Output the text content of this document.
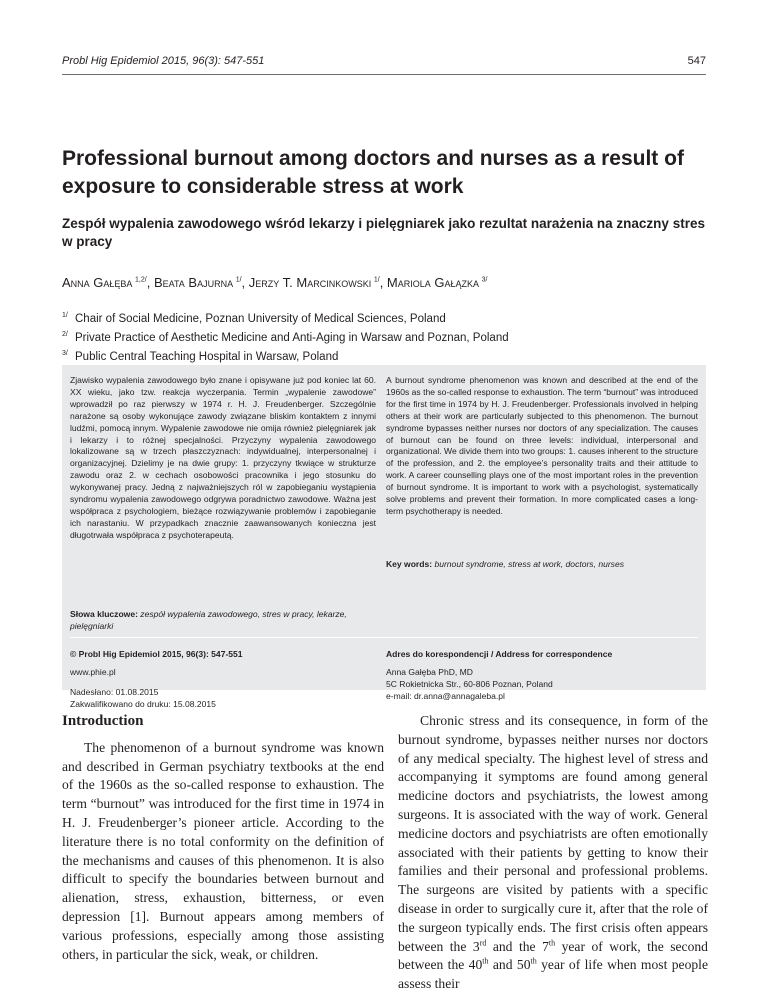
Probl Hig Epidemiol 2015, 96(3): 547-551	547
Professional burnout among doctors and nurses as a result of exposure to considerable stress at work
Zespół wypalenia zawodowego wśród lekarzy i pielęgniarek jako rezultat narażenia na znaczny stres w pracy
Anna Gałęba  $^{1,2/}$, Beata Bajurna  $^{1/}$, Jerzy T. Marcinkowski  $^{1/}$, Mariola Gałązka  $^{3/}$
$^{1/}$ Chair of Social Medicine, Poznan University of Medical Sciences, Poland
$^{2/}$ Private Practice of Aesthetic Medicine and Anti-Aging in Warsaw and Poznan, Poland
$^{3/}$ Public Central Teaching Hospital in Warsaw, Poland

Zjawisko wypalenia zawodowego było znane i opisywane już pod koniec lat 60. XX wieku, jako tzw. reakcja wyczerpania. Termin „wypalenie zawodowe” wprowadził po raz pierwszy w 1974 r. H. J. Freudenberger. Szczególnie narażone są osoby wykonujące zawody związane bliskim kontaktem z innymi ludźmi, pomocą innym. Wypalenie zawodowe nie omija również pielęgniarek jak i lekarzy i to różnej specjalności. Przyczyny wypalenia zawodowego lokalizowane są w trzech płaszczyznach: indywidualnej, interpersonalnej i organizacyjnej. Dzielimy je na dwie grupy: 1. przyczyny tkwiące w strukturze zawodu oraz 2. w cechach osobowości pracownika i jego stosunku do wykonywanej pracy. Jedną z najważniejszych ról w zapobieganiu wystąpienia syndromu wypalenia zawodowego odgrywa poradnictwo zawodowe. Ważna jest współpraca z psychologiem, bieżące rozwiązywanie problemów i zapobieganie ich narastaniu. W przypadkach znacznie zaawansowanych konieczna jest długotrwała współpraca z psychoterapeutą.

A burnout syndrome phenomenon was known and described at the end of the 1960s as the so-called response to exhaustion. The term “burnout” was introduced for the first time in 1974 by H. J. Freudenberger. Professionals involved in helping others at their work are particularly subjected to this phenomenon. The burnout syndrome bypasses neither nurses nor doctors of any specialization. The causes of burnout can be found on three levels: individual, interpersonal and organizational. We divide them into two groups: 1. causes inherent to the structure of the profession, and 2. the employee’s personality traits and their attitude to work. A career counselling plays one of the most important roles in the prevention of burnout syndrome. It is important to work with a psychologist, systematically solve problems and prevent their formation. In more complicated cases a long-term psychotherapy is needed.

Key words: burnout syndrome, stress at work, doctors, nurses
Słowa kluczowe: zespół wypalenia zawodowego, stres w pracy, lekarze, pielęgniarki
© Probl Hig Epidemiol 2015, 96(3): 547-551
www.phie.pl
Nadesłano: 01.08.2015
Zakwalifikowano do druku: 15.08.2015
Adres do korespondencji / Address for correspondence
Anna Gałęba PhD, MD
5C Rokietnicka Str., 60-806 Poznan, Poland
e-mail: dr.anna@annagaleba.pl
Introduction

The phenomenon of a burnout syndrome was known and described in German psychiatry textbooks at the end of the 1960s as the so-called response to exhaustion. The term “burnout” was introduced for the first time in 1974 in H. J. Freudenberger’s pioneer article. According to the literature there is no total conformity on the definition of the mechanisms and causes of this phenomenon. It is also difficult to specify the boundaries between burnout and alienation, stress, exhaustion, bitterness, or even depression [1]. Burnout appears among members of various professions, especially among those assisting others, in particular the sick, weak, or children.

Chronic stress and its consequence, in form of the burnout syndrome, bypasses neither nurses nor doctors of any medical specialty. The highest level of stress and accompanying it symptoms are found among general medicine doctors and psychiatrists, the lowest among surgeons. It is associated with the way of work. General medicine doctors and psychiatrists are often emotionally associated with their patients by getting to know their families and their personal and professional problems. The surgeons are visited by patients with a specific disease in order to surgically cure it, after that the role of the surgeon typically ends. The first crisis often appears between the 3rd and the 7th year of work, the second between the 40th and 50th year of life when most people assess their
